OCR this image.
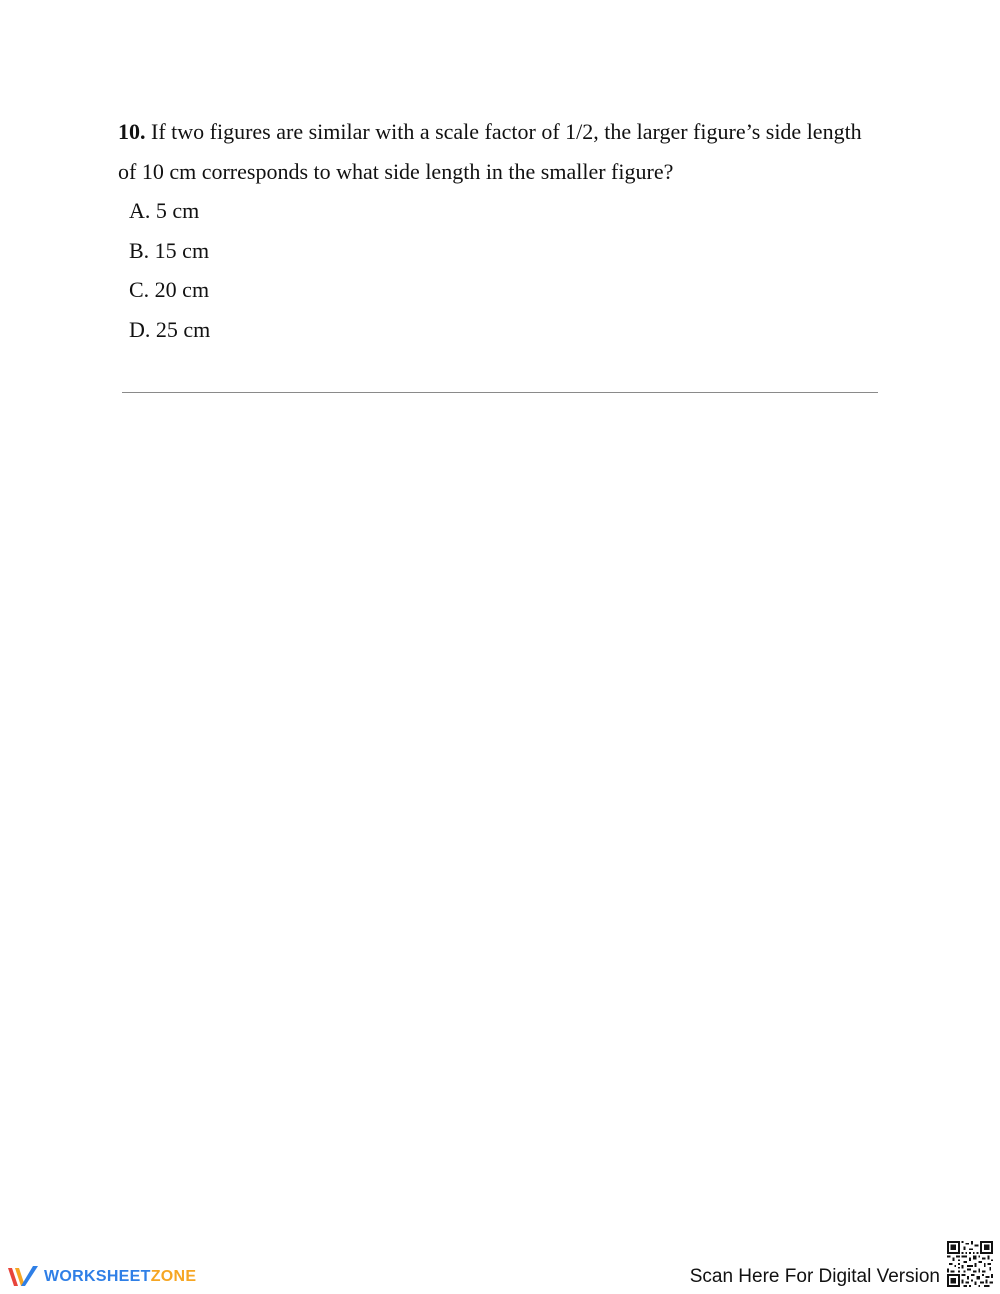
10. If two figures are similar with a scale factor of 1/2, the larger figure’s side length of 10 cm corresponds to what side length in the smaller figure?
A. 5 cm
B. 15 cm
C. 20 cm
D. 25 cm
WORKSHEETZONE	Scan Here For Digital Version
